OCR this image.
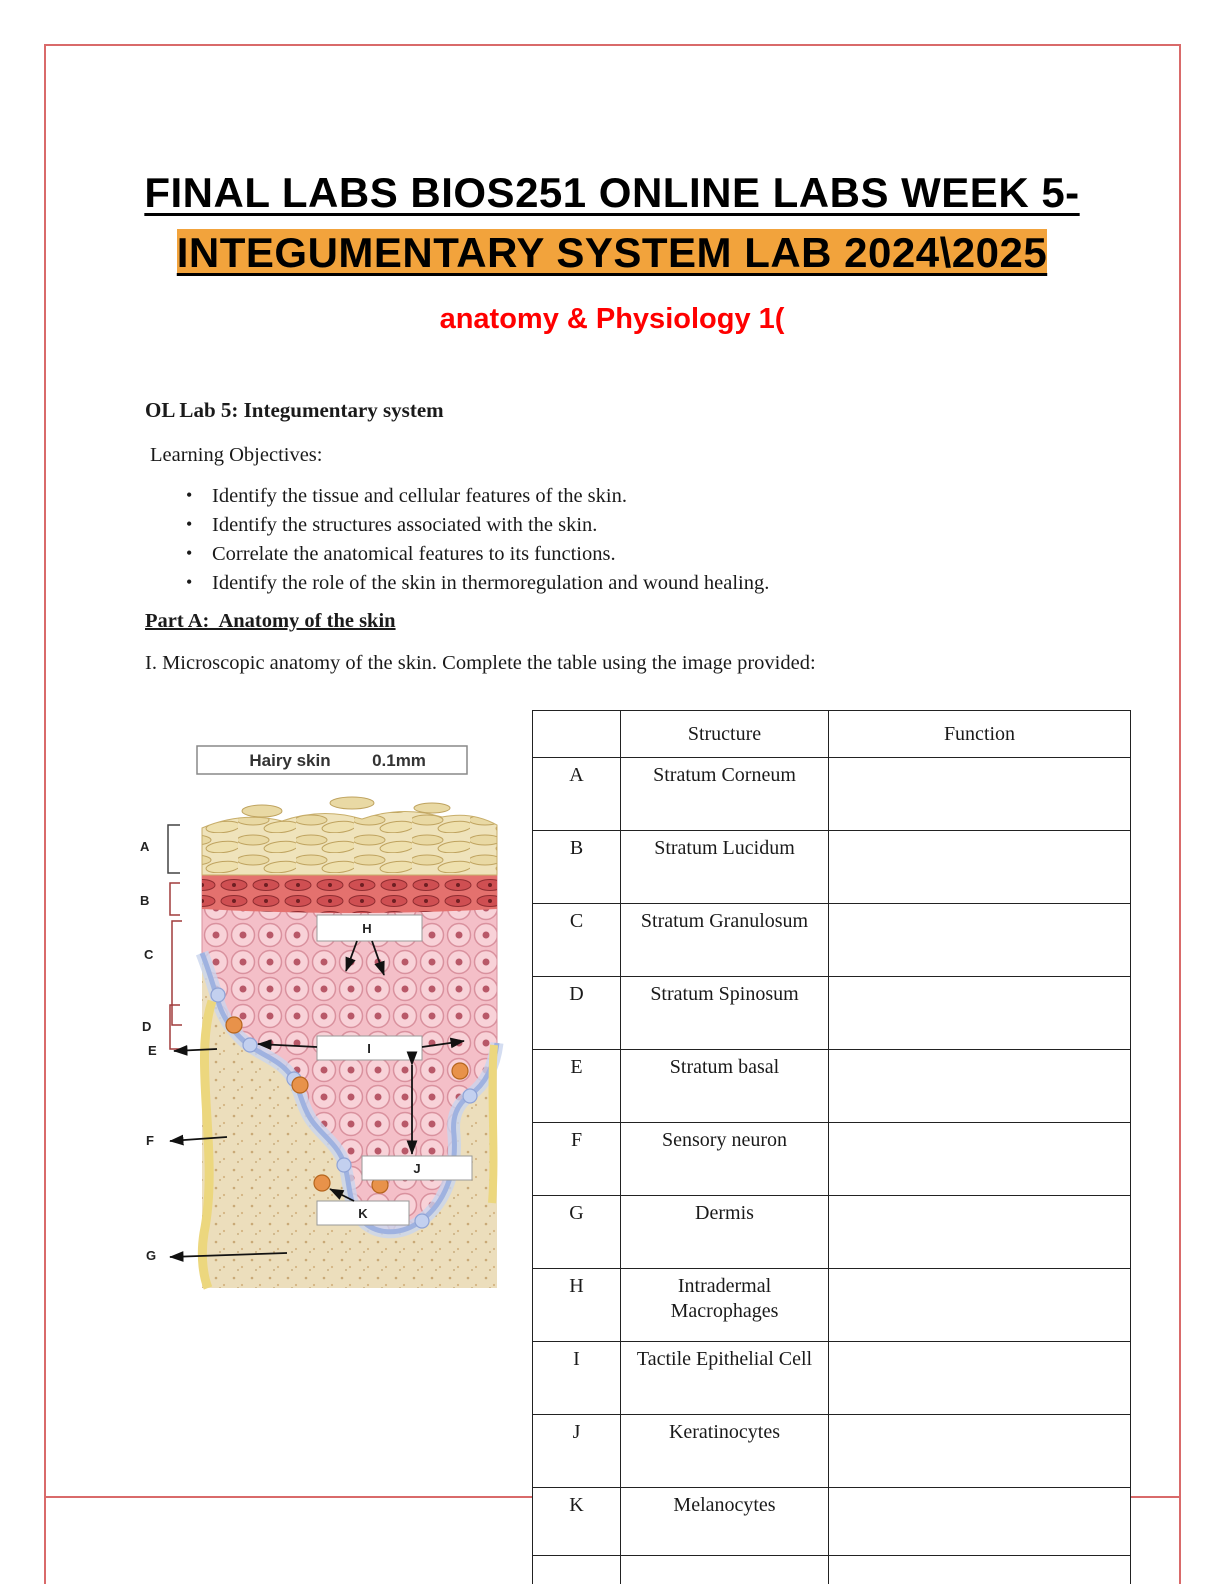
FINAL LABS BIOS251 ONLINE LABS WEEK 5-
INTEGUMENTARY SYSTEM LAB 2024\2025
anatomy & Physiology 1(
OL Lab 5: Integumentary system
Learning Objectives:
• Identify the tissue and cellular features of the skin.
• Identify the structures associated with the skin.
• Correlate the anatomical features to its functions.
• Identify the role of the skin in thermoregulation and wound healing.
Part A:  Anatomy of the skin
I. Microscopic anatomy of the skin. Complete the table using the image provided:
Hairy skin 0.1mm
A
B
C
D
E
F
G
H
I
J
K
	Structure	Function
A	Stratum Corneum	
B	Stratum Lucidum	
C	Stratum Granulosum	
D	Stratum Spinosum	
E	Stratum basal	
F	Sensory neuron	
G	Dermis	
H	Intradermal Macrophages	
I	Tactile Epithelial Cell	
J	Keratinocytes	
K	Melanocytes	
